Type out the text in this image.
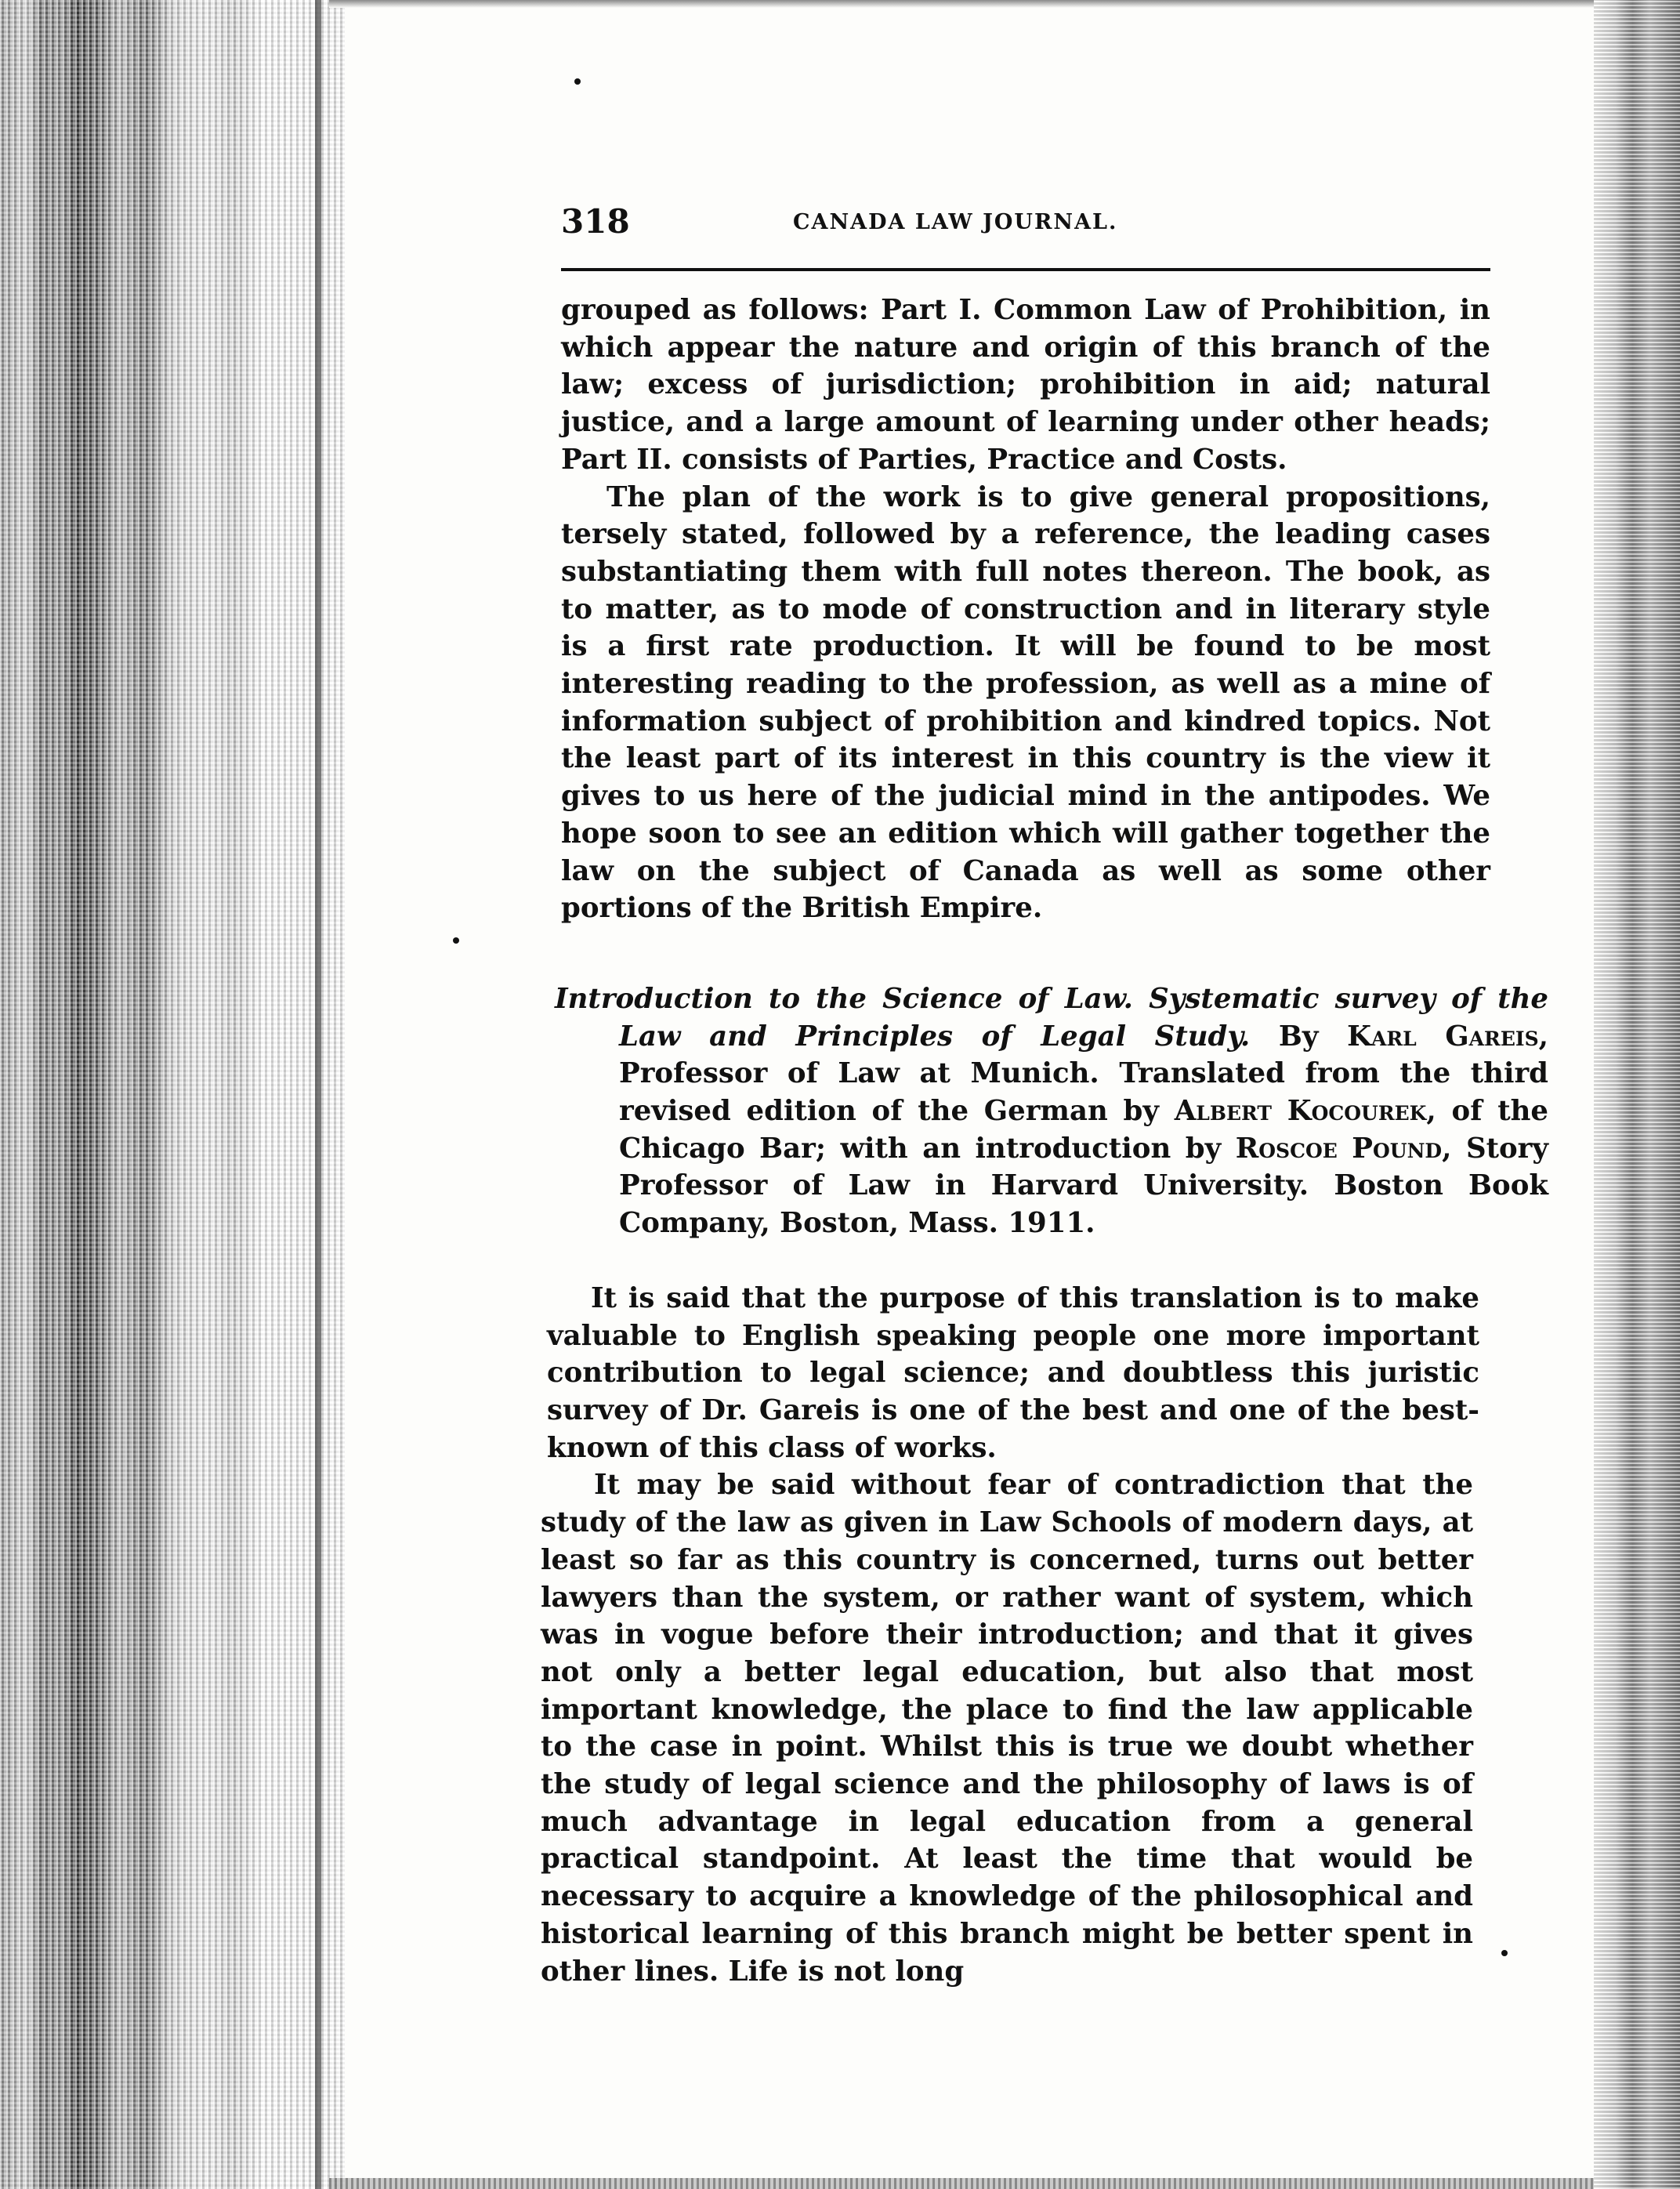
318	CANADA LAW JOURNAL.

grouped as follows: Part I. Common Law of Prohibition, in which appear the nature and origin of this branch of the law; excess of jurisdiction; prohibition in aid; natural justice, and a large amount of learning under other heads; Part II. consists of Parties, Practice and Costs.

The plan of the work is to give general propositions, tersely stated, followed by a reference, the leading cases substantiating them with full notes thereon. The book, as to matter, as to mode of construction and in literary style is a first rate production. It will be found to be most interesting reading to the profession, as well as a mine of information subject of prohibition and kindred topics. Not the least part of its interest in this country is the view it gives to us here of the judicial mind in the antipodes. We hope soon to see an edition which will gather together the law on the subject of Canada as well as some other portions of the British Empire.

Introduction to the Science of Law. Systematic survey of the Law and Principles of Legal Study. By Karl Gareis, Professor of Law at Munich. Translated from the third revised edition of the German by Albert Kocourek, of the Chicago Bar; with an introduction by Roscoe Pound, Story Professor of Law in Harvard University. Boston Book Company, Boston, Mass. 1911.

It is said that the purpose of this translation is to make valuable to English speaking people one more important contribution to legal science; and doubtless this juristic survey of Dr. Gareis is one of the best and one of the best-known of this class of works.

It may be said without fear of contradiction that the study of the law as given in Law Schools of modern days, at least so far as this country is concerned, turns out better lawyers than the system, or rather want of system, which was in vogue before their introduction; and that it gives not only a better legal education, but also that most important knowledge, the place to find the law applicable to the case in point. Whilst this is true we doubt whether the study of legal science and the philosophy of laws is of much advantage in legal education from a general practical standpoint. At least the time that would be necessary to acquire a knowledge of the philosophical and historical learning of this branch might be better spent in other lines. Life is not long
